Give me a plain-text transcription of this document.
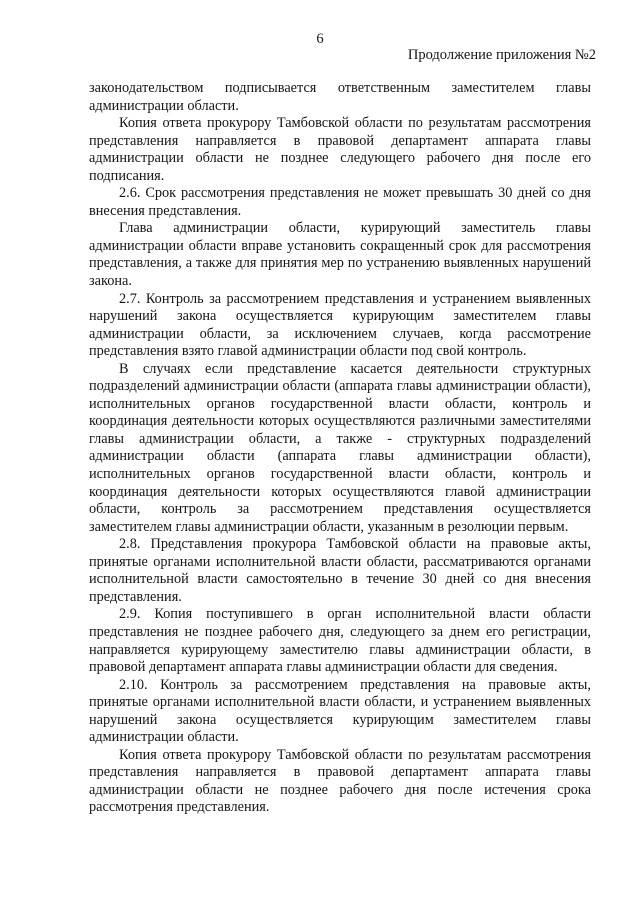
6
Продолжение приложения №2

законодательством подписывается ответственным заместителем главы администрации области.

Копия ответа прокурору Тамбовской области по результатам рассмотрения представления направляется в правовой департамент аппарата главы администрации области не позднее следующего рабочего дня после его подписания.

2.6. Срок рассмотрения представления не может превышать 30 дней со дня внесения представления.

Глава администрации области, курирующий заместитель главы администрации области вправе установить сокращенный срок для рассмотрения представления, а также для принятия мер по устранению выявленных нарушений закона.

2.7. Контроль за рассмотрением представления и устранением выявленных нарушений закона осуществляется курирующим заместителем главы администрации области, за исключением случаев, когда рассмотрение представления взято главой администрации области под свой контроль.

В случаях если представление касается деятельности структурных подразделений администрации области (аппарата главы администрации области), исполнительных органов государственной власти области, контроль и координация деятельности которых осуществляются различными заместителями главы администрации области, а также - структурных подразделений администрации области (аппарата главы администрации области), исполнительных органов государственной власти области, контроль и координация деятельности которых осуществляются главой администрации области, контроль за рассмотрением представления осуществляется заместителем главы администрации области, указанным в резолюции первым.

2.8. Представления прокурора Тамбовской области на правовые акты, принятые органами исполнительной власти области, рассматриваются органами исполнительной власти самостоятельно в течение 30 дней со дня внесения представления.

2.9. Копия поступившего в орган исполнительной власти области представления не позднее рабочего дня, следующего за днем его регистрации, направляется курирующему заместителю главы администрации области, в правовой департамент аппарата главы администрации области для сведения.

2.10. Контроль за рассмотрением представления на правовые акты, принятые органами исполнительной власти области, и устранением выявленных нарушений закона осуществляется курирующим заместителем главы администрации области.

Копия ответа прокурору Тамбовской области по результатам рассмотрения представления направляется в правовой департамент аппарата главы администрации области не позднее рабочего дня после истечения срока рассмотрения представления.
